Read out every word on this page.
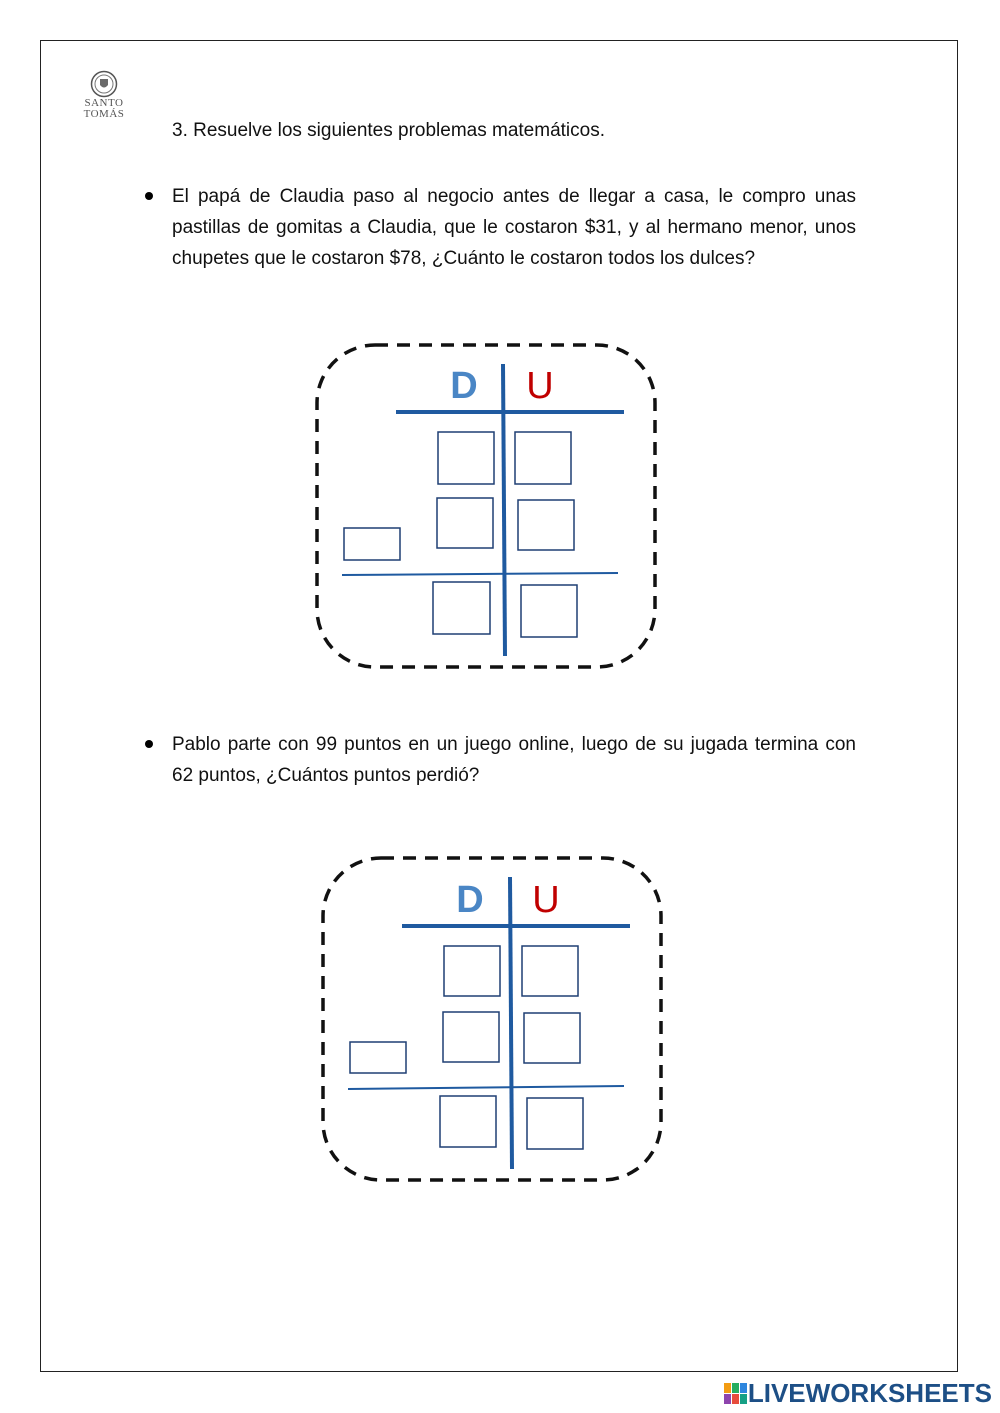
SANTO
TOMÁS
3. Resuelve los siguientes problemas matemáticos.
El papá de Claudia paso al negocio antes de llegar a casa, le compro unas pastillas de gomitas a Claudia, que le costaron $31, y al hermano menor, unos chupetes que le costaron $78, ¿Cuánto le costaron todos los dulces?
D U
Pablo parte con 99 puntos en un juego online, luego de su jugada termina con 62 puntos, ¿Cuántos puntos perdió?
D U
LIVEWORKSHEETS
